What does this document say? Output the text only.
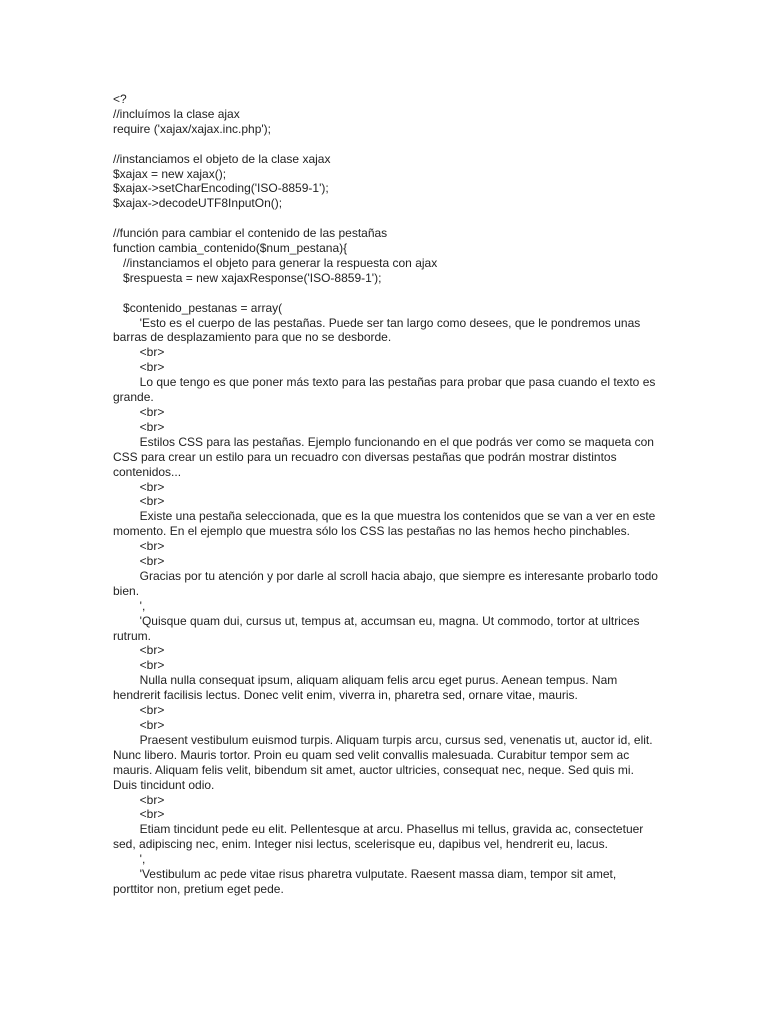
<?
//incluímos la clase ajax
require ('xajax/xajax.inc.php');
//instanciamos el objeto de la clase xajax
$xajax = new xajax();
$xajax->setCharEncoding('ISO-8859-1');
$xajax->decodeUTF8InputOn();
//función para cambiar el contenido de las pestañas
function cambia_contenido($num_pestana){
//instanciamos el objeto para generar la respuesta con ajax
$respuesta = new xajaxResponse('ISO-8859-1');
$contenido_pestanas = array(
'Esto es el cuerpo de las pestañas. Puede ser tan largo como desees, que le pondremos unas barras de desplazamiento para que no se desborde.
<br>
<br>
Lo que tengo es que poner más texto para las pestañas para probar que pasa cuando el texto es grande.
<br>
<br>
Estilos CSS para las pestañas. Ejemplo funcionando en el que podrás ver como se maqueta con CSS para crear un estilo para un recuadro con diversas pestañas que podrán mostrar distintos contenidos...
<br>
<br>
Existe una pestaña seleccionada, que es la que muestra los contenidos que se van a ver en este momento. En el ejemplo que muestra sólo los CSS las pestañas no las hemos hecho pinchables.
<br>
<br>
Gracias por tu atención y por darle al scroll hacia abajo, que siempre es interesante probarlo todo bien.
',
'Quisque quam dui, cursus ut, tempus at, accumsan eu, magna. Ut commodo, tortor at ultrices rutrum.
<br>
<br>
Nulla nulla consequat ipsum, aliquam aliquam felis arcu eget purus. Aenean tempus. Nam hendrerit facilisis lectus. Donec velit enim, viverra in, pharetra sed, ornare vitae, mauris.
<br>
<br>
Praesent vestibulum euismod turpis. Aliquam turpis arcu, cursus sed, venenatis ut, auctor id, elit. Nunc libero. Mauris tortor. Proin eu quam sed velit convallis malesuada. Curabitur tempor sem ac mauris. Aliquam felis velit, bibendum sit amet, auctor ultricies, consequat nec, neque. Sed quis mi. Duis tincidunt odio.
<br>
<br>
Etiam tincidunt pede eu elit. Pellentesque at arcu. Phasellus mi tellus, gravida ac, consectetuer sed, adipiscing nec, enim. Integer nisi lectus, scelerisque eu, dapibus vel, hendrerit eu, lacus.
',
'Vestibulum ac pede vitae risus pharetra vulputate. Raesent massa diam, tempor sit amet, porttitor non, pretium eget pede.
